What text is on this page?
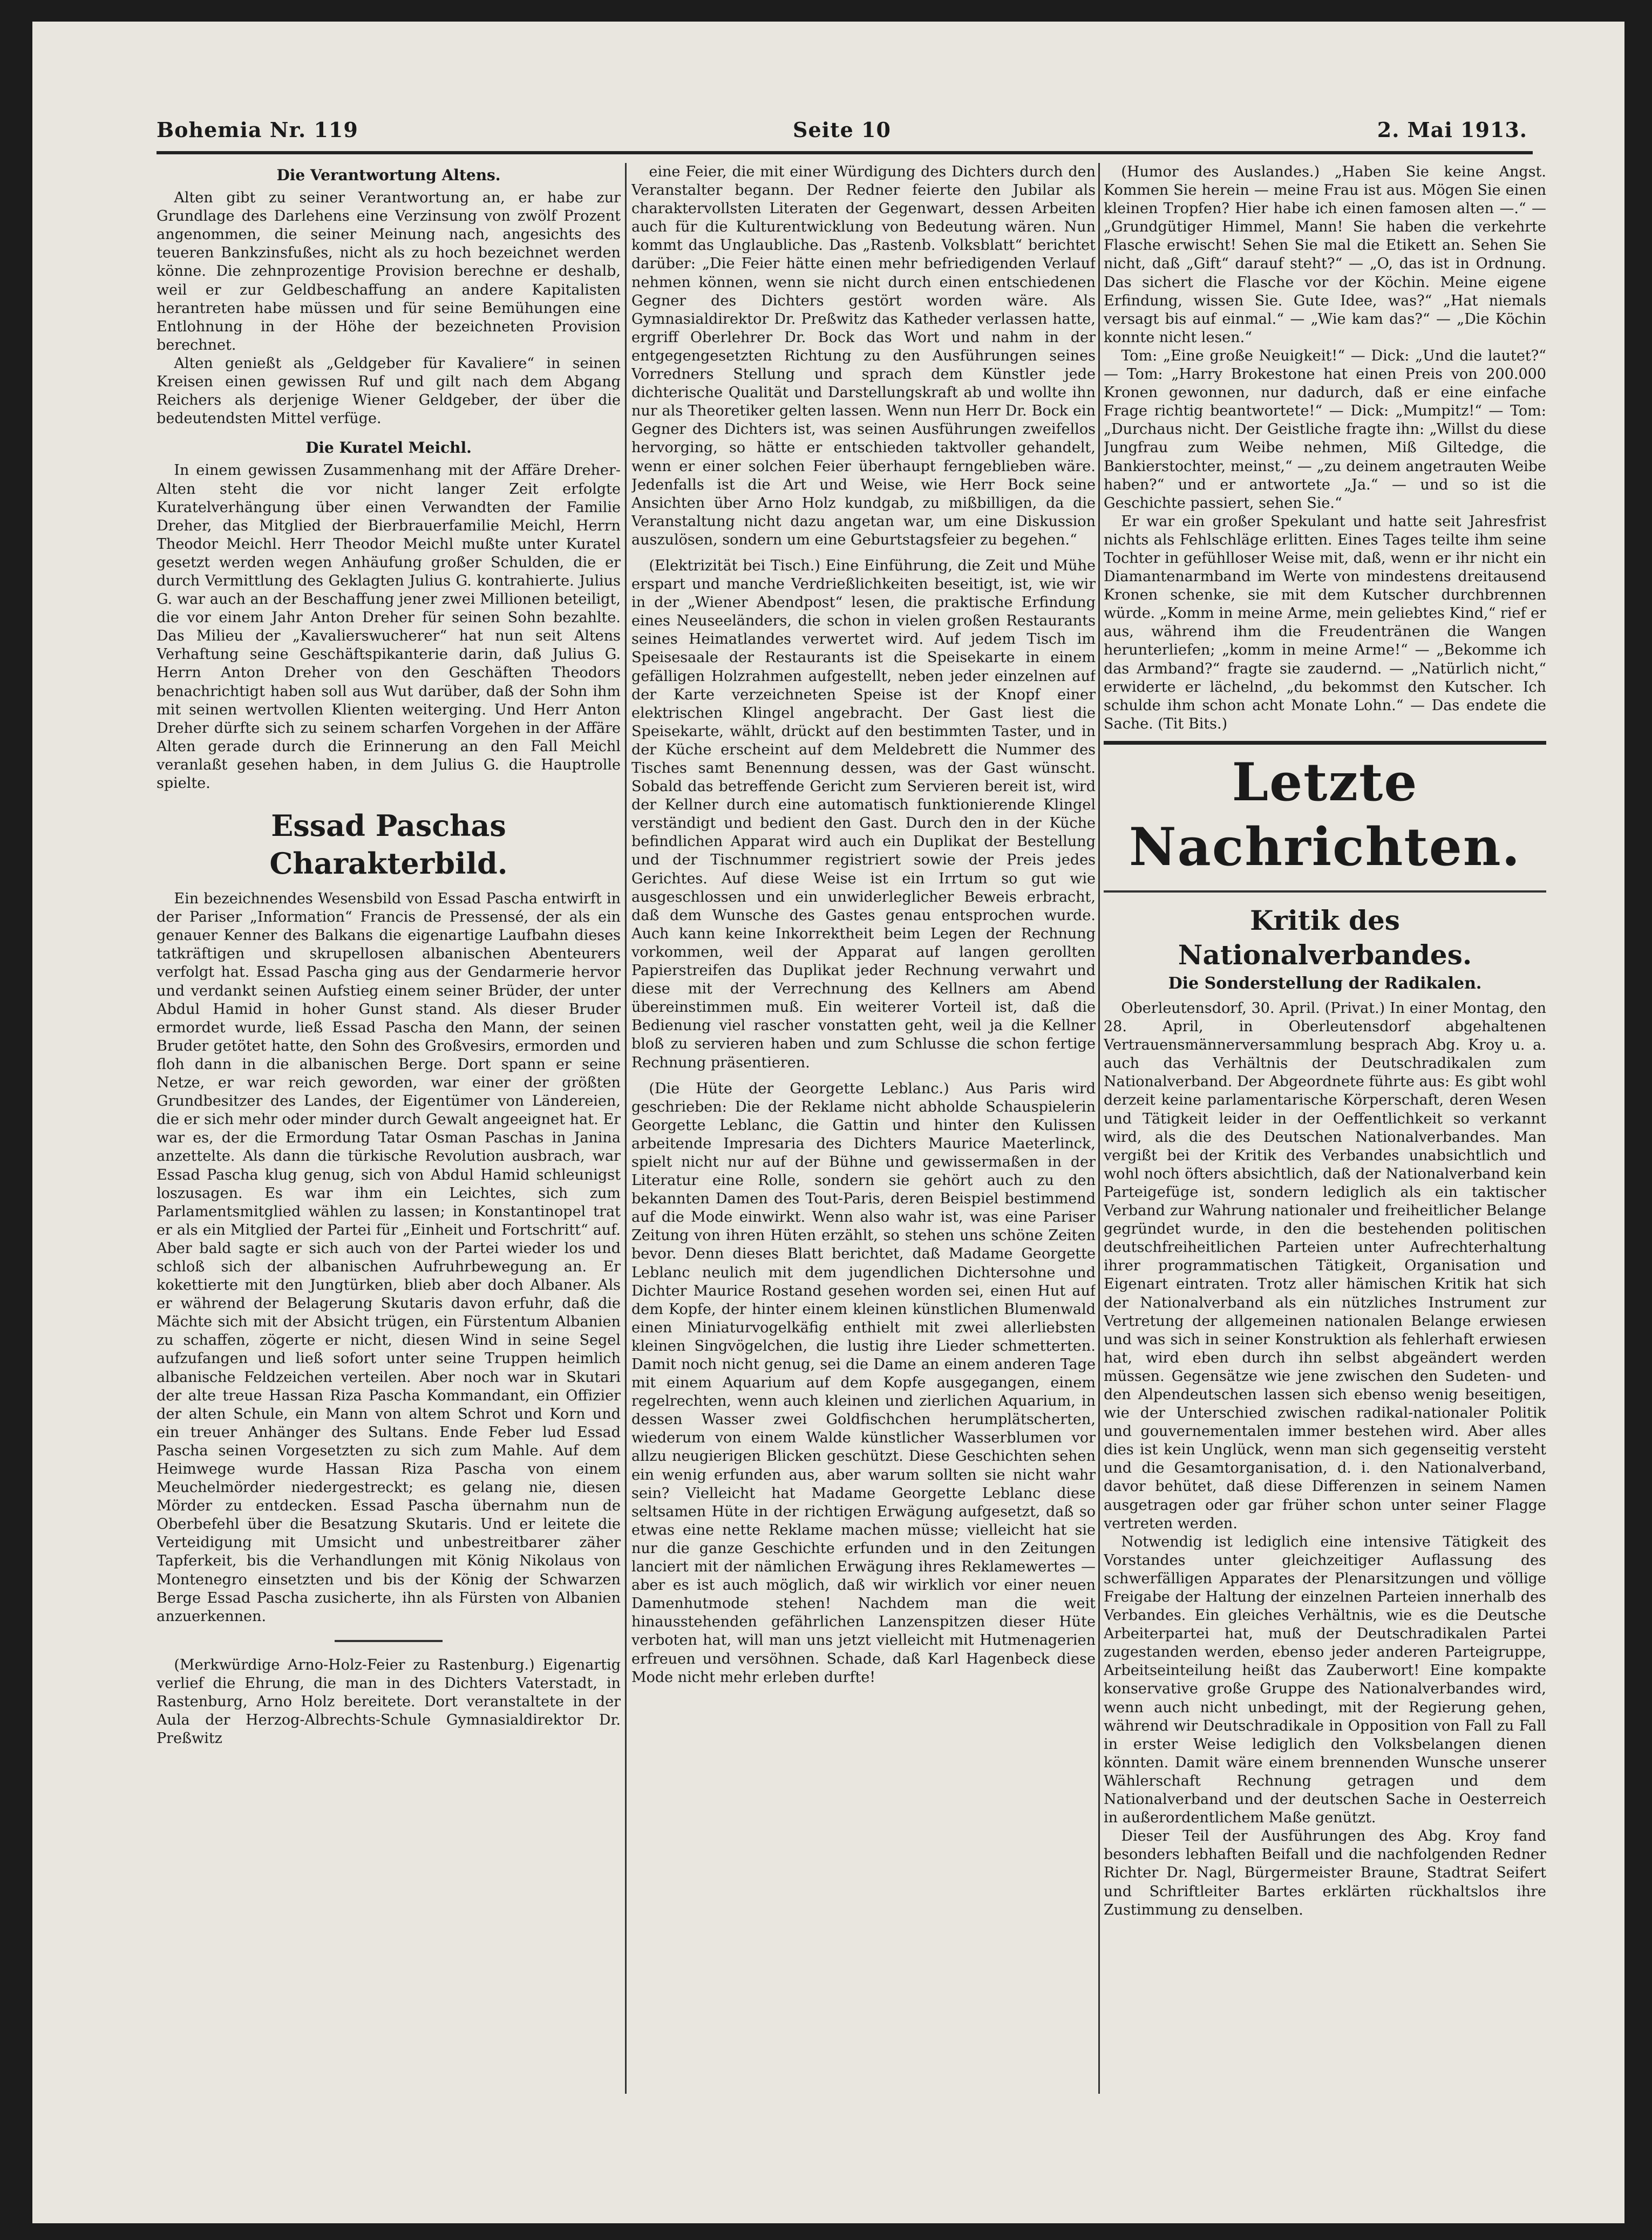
Bohemia Nr. 119	Seite 10	2. Mai 1913.
Die Verantwortung Altens.

Alten gibt zu seiner Verantwortung an, er habe zur Grundlage des Darlehens eine Verzinsung von zwölf Prozent angenommen, die seiner Meinung nach, angesichts des teueren Bankzinsfußes, nicht als zu hoch bezeichnet werden könne. Die zehnprozentige Provision berechne er deshalb, weil er zur Geldbeschaffung an andere Kapitalisten herantreten habe müssen und für seine Bemühungen eine Entlohnung in der Höhe der bezeichneten Provision berechnet.

Alten genießt als „Geldgeber für Kavaliere“ in seinen Kreisen einen gewissen Ruf und gilt nach dem Abgang Reichers als derjenige Wiener Geldgeber, der über die bedeutendsten Mittel verfüge.

Die Kuratel Meichl.

In einem gewissen Zusammenhang mit der Affäre Dreher-Alten steht die vor nicht langer Zeit erfolgte Kuratelverhängung über einen Verwandten der Familie Dreher, das Mitglied der Bierbrauerfamilie Meichl, Herrn Theodor Meichl. Herr Theodor Meichl mußte unter Kuratel gesetzt werden wegen Anhäufung großer Schulden, die er durch Vermittlung des Geklagten Julius G. kontrahierte. Julius G. war auch an der Beschaffung jener zwei Millionen beteiligt, die vor einem Jahr Anton Dreher für seinen Sohn bezahlte. Das Milieu der „Kavalierswucherer“ hat nun seit Altens Verhaftung seine Geschäftspikanterie darin, daß Julius G. Herrn Anton Dreher von den Geschäften Theodors benachrichtigt haben soll aus Wut darüber, daß der Sohn ihm mit seinen wertvollen Klienten weiterging. Und Herr Anton Dreher dürfte sich zu seinem scharfen Vorgehen in der Affäre Alten gerade durch die Erinnerung an den Fall Meichl veranlaßt gesehen haben, in dem Julius G. die Hauptrolle spielte.

Essad Paschas Charakterbild.

Ein bezeichnendes Wesensbild von Essad Pascha entwirft in der Pariser „Information“ Francis de Pressensé, der als ein genauer Kenner des Balkans die eigenartige Laufbahn dieses tatkräftigen und skrupellosen albanischen Abenteurers verfolgt hat. Essad Pascha ging aus der Gendarmerie hervor und verdankt seinen Aufstieg einem seiner Brüder, der unter Abdul Hamid in hoher Gunst stand. Als dieser Bruder ermordet wurde, ließ Essad Pascha den Mann, der seinen Bruder getötet hatte, den Sohn des Großvesirs, ermorden und floh dann in die albanischen Berge. Dort spann er seine Netze, er war reich geworden, war einer der größten Grundbesitzer des Landes, der Eigentümer von Ländereien, die er sich mehr oder minder durch Gewalt angeeignet hat. Er war es, der die Ermordung Tatar Osman Paschas in Janina anzettelte. Als dann die türkische Revolution ausbrach, war Essad Pascha klug genug, sich von Abdul Hamid schleunigst loszusagen. Es war ihm ein Leichtes, sich zum Parlamentsmitglied wählen zu lassen; in Konstantinopel trat er als ein Mitglied der Partei für „Einheit und Fortschritt“ auf. Aber bald sagte er sich auch von der Partei wieder los und schloß sich der albanischen Aufruhrbewegung an. Er kokettierte mit den Jungtürken, blieb aber doch Albaner. Als er während der Belagerung Skutaris davon erfuhr, daß die Mächte sich mit der Absicht trügen, ein Fürstentum Albanien zu schaffen, zögerte er nicht, diesen Wind in seine Segel aufzufangen und ließ sofort unter seine Truppen heimlich albanische Feldzeichen verteilen. Aber noch war in Skutari der alte treue Hassan Riza Pascha Kommandant, ein Offizier der alten Schule, ein Mann von altem Schrot und Korn und ein treuer Anhänger des Sultans. Ende Feber lud Essad Pascha seinen Vorgesetzten zu sich zum Mahle. Auf dem Heimwege wurde Hassan Riza Pascha von einem Meuchelmörder niedergestreckt; es gelang nie, diesen Mörder zu entdecken. Essad Pascha übernahm nun de Oberbefehl über die Besatzung Skutaris. Und er leitete die Verteidigung mit Umsicht und unbestreitbarer zäher Tapferkeit, bis die Verhandlungen mit König Nikolaus von Montenegro einsetzten und bis der König der Schwarzen Berge Essad Pascha zusicherte, ihn als Fürsten von Albanien anzuerkennen.

(Merkwürdige Arno-Holz-Feier zu Rastenburg.) Eigenartig verlief die Ehrung, die man in des Dichters Vaterstadt, in Rastenburg, Arno Holz bereitete. Dort veranstaltete in der Aula der Herzog-Albrechts-Schule Gymnasialdirektor Dr. Preßwitz

eine Feier, die mit einer Würdigung des Dichters durch den Veranstalter begann. Der Redner feierte den Jubilar als charaktervollsten Literaten der Gegenwart, dessen Arbeiten auch für die Kulturentwicklung von Bedeutung wären. Nun kommt das Unglaubliche. Das „Rastenb. Volksblatt“ berichtet darüber: „Die Feier hätte einen mehr befriedigenden Verlauf nehmen können, wenn sie nicht durch einen entschiedenen Gegner des Dichters gestört worden wäre. Als Gymnasialdirektor Dr. Preßwitz das Katheder verlassen hatte, ergriff Oberlehrer Dr. Bock das Wort und nahm in der entgegengesetzten Richtung zu den Ausführungen seines Vorredners Stellung und sprach dem Künstler jede dichterische Qualität und Darstellungskraft ab und wollte ihn nur als Theoretiker gelten lassen. Wenn nun Herr Dr. Bock ein Gegner des Dichters ist, was seinen Ausführungen zweifellos hervorging, so hätte er entschieden taktvoller gehandelt, wenn er einer solchen Feier überhaupt ferngeblieben wäre. Jedenfalls ist die Art und Weise, wie Herr Bock seine Ansichten über Arno Holz kundgab, zu mißbilligen, da die Veranstaltung nicht dazu angetan war, um eine Diskussion auszulösen, sondern um eine Geburtstagsfeier zu begehen.“

(Elektrizität bei Tisch.) Eine Einführung, die Zeit und Mühe erspart und manche Verdrießlichkeiten beseitigt, ist, wie wir in der „Wiener Abendpost“ lesen, die praktische Erfindung eines Neuseeländers, die schon in vielen großen Restaurants seines Heimatlandes verwertet wird. Auf jedem Tisch im Speisesaale der Restaurants ist die Speisekarte in einem gefälligen Holzrahmen aufgestellt, neben jeder einzelnen auf der Karte verzeichneten Speise ist der Knopf einer elektrischen Klingel angebracht. Der Gast liest die Speisekarte, wählt, drückt auf den bestimmten Taster, und in der Küche erscheint auf dem Meldebrett die Nummer des Tisches samt Benennung dessen, was der Gast wünscht. Sobald das betreffende Gericht zum Servieren bereit ist, wird der Kellner durch eine automatisch funktionierende Klingel verständigt und bedient den Gast. Durch den in der Küche befindlichen Apparat wird auch ein Duplikat der Bestellung und der Tischnummer registriert sowie der Preis jedes Gerichtes. Auf diese Weise ist ein Irrtum so gut wie ausgeschlossen und ein unwiderleglicher Beweis erbracht, daß dem Wunsche des Gastes genau entsprochen wurde. Auch kann keine Inkorrektheit beim Legen der Rechnung vorkommen, weil der Apparat auf langen gerollten Papierstreifen das Duplikat jeder Rechnung verwahrt und diese mit der Verrechnung des Kellners am Abend übereinstimmen muß. Ein weiterer Vorteil ist, daß die Bedienung viel rascher vonstatten geht, weil ja die Kellner bloß zu servieren haben und zum Schlusse die schon fertige Rechnung präsentieren.

(Die Hüte der Georgette Leblanc.) Aus Paris wird geschrieben: Die der Reklame nicht abholde Schauspielerin Georgette Leblanc, die Gattin und hinter den Kulissen arbeitende Impresaria des Dichters Maurice Maeterlinck, spielt nicht nur auf der Bühne und gewissermaßen in der Literatur eine Rolle, sondern sie gehört auch zu den bekannten Damen des Tout-Paris, deren Beispiel bestimmend auf die Mode einwirkt. Wenn also wahr ist, was eine Pariser Zeitung von ihren Hüten erzählt, so stehen uns schöne Zeiten bevor. Denn dieses Blatt berichtet, daß Madame Georgette Leblanc neulich mit dem jugendlichen Dichtersohne und Dichter Maurice Rostand gesehen worden sei, einen Hut auf dem Kopfe, der hinter einem kleinen künstlichen Blumenwald einen Miniaturvogelkäfig enthielt mit zwei allerliebsten kleinen Singvögelchen, die lustig ihre Lieder schmetterten. Damit noch nicht genug, sei die Dame an einem anderen Tage mit einem Aquarium auf dem Kopfe ausgegangen, einem regelrechten, wenn auch kleinen und zierlichen Aquarium, in dessen Wasser zwei Goldfischchen herumplätscherten, wiederum von einem Walde künstlicher Wasserblumen vor allzu neugierigen Blicken geschützt. Diese Geschichten sehen ein wenig erfunden aus, aber warum sollten sie nicht wahr sein? Vielleicht hat Madame Georgette Leblanc diese seltsamen Hüte in der richtigen Erwägung aufgesetzt, daß so etwas eine nette Reklame machen müsse; vielleicht hat sie nur die ganze Geschichte erfunden und in den Zeitungen lanciert mit der nämlichen Erwägung ihres Reklamewertes — aber es ist auch möglich, daß wir wirklich vor einer neuen Damenhutmode stehen! Nachdem man die weit hinausstehenden gefährlichen Lanzenspitzen dieser Hüte verboten hat, will man uns jetzt vielleicht mit Hutmenagerien erfreuen und versöhnen. Schade, daß Karl Hagenbeck diese Mode nicht mehr erleben durfte!

(Humor des Auslandes.) „Haben Sie keine Angst. Kommen Sie herein — meine Frau ist aus. Mögen Sie einen kleinen Tropfen? Hier habe ich einen famosen alten —.“ — „Grundgütiger Himmel, Mann! Sie haben die verkehrte Flasche erwischt! Sehen Sie mal die Etikett an. Sehen Sie nicht, daß „Gift“ darauf steht?“ — „O, das ist in Ordnung. Das sichert die Flasche vor der Köchin. Meine eigene Erfindung, wissen Sie. Gute Idee, was?“ „Hat niemals versagt bis auf einmal.“ — „Wie kam das?“ — „Die Köchin konnte nicht lesen.“

Tom: „Eine große Neuigkeit!“ — Dick: „Und die lautet?“ — Tom: „Harry Brokestone hat einen Preis von 200.000 Kronen gewonnen, nur dadurch, daß er eine einfache Frage richtig beantwortete!“ — Dick: „Mumpitz!“ — Tom: „Durchaus nicht. Der Geistliche fragte ihn: „Willst du diese Jungfrau zum Weibe nehmen, Miß Giltedge, die Bankierstochter, meinst,“ — „zu deinem angetrauten Weibe haben?“ und er antwortete „Ja.“ — und so ist die Geschichte passiert, sehen Sie.“

Er war ein großer Spekulant und hatte seit Jahresfrist nichts als Fehlschläge erlitten. Eines Tages teilte ihm seine Tochter in gefühlloser Weise mit, daß, wenn er ihr nicht ein Diamantenarmband im Werte von mindestens dreitausend Kronen schenke, sie mit dem Kutscher durchbrennen würde. „Komm in meine Arme, mein geliebtes Kind,“ rief er aus, während ihm die Freudentränen die Wangen herunterliefen; „komm in meine Arme!“ — „Bekomme ich das Armband?“ fragte sie zaudernd. — „Natürlich nicht,“ erwiderte er lächelnd, „du bekommst den Kutscher. Ich schulde ihm schon acht Monate Lohn.“ — Das endete die Sache. (Tit Bits.)

Letzte Nachrichten.
Kritik des Nationalverbandes.
Die Sonderstellung der Radikalen.

Oberleutensdorf, 30. April. (Privat.) In einer Montag, den 28. April, in Oberleutensdorf abgehaltenen Vertrauensmännerversammlung besprach Abg. Kroy u. a. auch das Verhältnis der Deutschradikalen zum Nationalverband. Der Abgeordnete führte aus: Es gibt wohl derzeit keine parlamentarische Körperschaft, deren Wesen und Tätigkeit leider in der Oeffentlichkeit so verkannt wird, als die des Deutschen Nationalverbandes. Man vergißt bei der Kritik des Verbandes unabsichtlich und wohl noch öfters absichtlich, daß der Nationalverband kein Parteigefüge ist, sondern lediglich als ein taktischer Verband zur Wahrung nationaler und freiheitlicher Belange gegründet wurde, in den die bestehenden politischen deutschfreiheitlichen Parteien unter Aufrechterhaltung ihrer programmatischen Tätigkeit, Organisation und Eigenart eintraten. Trotz aller hämischen Kritik hat sich der Nationalverband als ein nützliches Instrument zur Vertretung der allgemeinen nationalen Belange erwiesen und was sich in seiner Konstruktion als fehlerhaft erwiesen hat, wird eben durch ihn selbst abgeändert werden müssen. Gegensätze wie jene zwischen den Sudeten- und den Alpendeutschen lassen sich ebenso wenig beseitigen, wie der Unterschied zwischen radikal-nationaler Politik und gouvernementalen immer bestehen wird. Aber alles dies ist kein Unglück, wenn man sich gegenseitig versteht und die Gesamtorganisation, d. i. den Nationalverband, davor behütet, daß diese Differenzen in seinem Namen ausgetragen oder gar früher schon unter seiner Flagge vertreten werden.

Notwendig ist lediglich eine intensive Tätigkeit des Vorstandes unter gleichzeitiger Auflassung des schwerfälligen Apparates der Plenarsitzungen und völlige Freigabe der Haltung der einzelnen Parteien innerhalb des Verbandes. Ein gleiches Verhältnis, wie es die Deutsche Arbeiterpartei hat, muß der Deutschradikalen Partei zugestanden werden, ebenso jeder anderen Parteigruppe, Arbeitseinteilung heißt das Zauberwort! Eine kompakte konservative große Gruppe des Nationalverbandes wird, wenn auch nicht unbedingt, mit der Regierung gehen, während wir Deutschradikale in Opposition von Fall zu Fall in erster Weise lediglich den Volksbelangen dienen könnten. Damit wäre einem brennenden Wunsche unserer Wählerschaft Rechnung getragen und dem Nationalverband und der deutschen Sache in Oesterreich in außerordentlichem Maße genützt.

Dieser Teil der Ausführungen des Abg. Kroy fand besonders lebhaften Beifall und die nachfolgenden Redner Richter Dr. Nagl, Bürgermeister Braune, Stadtrat Seifert und Schriftleiter Bartes erklärten rückhaltslos ihre Zustimmung zu denselben.
